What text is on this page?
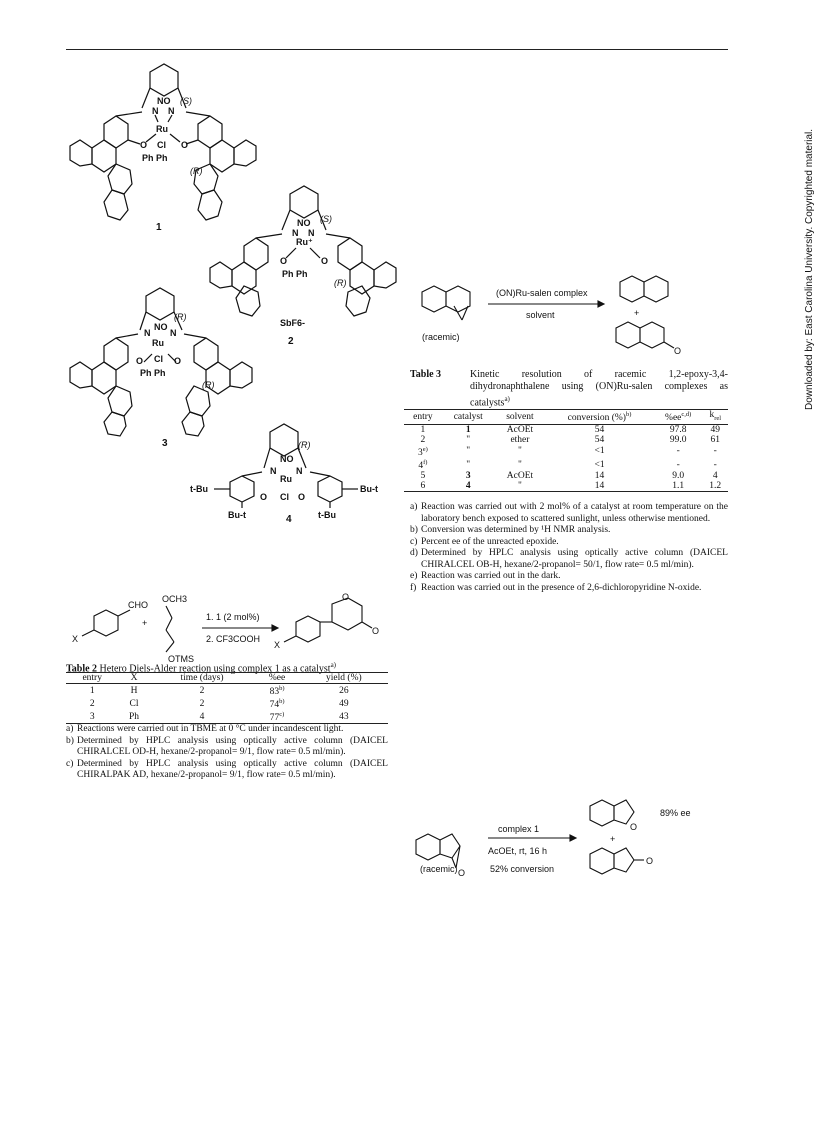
N N
NO
Ru
O	O
Cl
Ph Ph
(S)
(R)
1	N N
NO
Ru⁺
O	O
Ph Ph
(S)
(R)
SbF6-
2
N N
NO
Ru
O	O
Cl
Ph Ph
(R)
(R)
3
N N
NO
Ru
O	O
Cl
(R)
t-Bu	Bu-t
Bu-t	t-Bu
4
CHO
X
+
OCH3
OTMS
1. 1 (2 mol%)
2. CF3COOH
O
O
X
Table 2 Hetero Diels-Alder reaction using complex 1 as a catalyst$^{a)}$
entry	X	time (days)	%ee	yield (%)
1	H	2	83$^{b)}$	26
2	Cl	2	74$^{b)}$	49
3	Ph	4	77$^{c)}$	43
a) Reactions were carried out in TBME at 0 °C under incandescent light.
b) Determined by HPLC analysis using optically active column (DAICEL CHIRALCEL OD-H, hexane/2-propanol= 9/1, flow rate= 0.5 ml/min).
c) Determined by HPLC analysis using optically active column (DAICEL CHIRALPAK AD, hexane/2-propanol= 9/1, flow rate= 0.5 ml/min).
(ON)Ru-salen complex
solvent
(racemic)
+
O
Table 3	Kinetic resolution of racemic 1,2-epoxy-3,4-dihydronaphthalene using (ON)Ru-salen complexes as catalysts$^{a)}$
entry	catalyst	solvent	conversion (%)$^{b)}$	%ee$^{c,d)}$	$k_{rel}$
1	1	AcOEt	54	97.8	49
2	"	ether	54	99.0	61
3$^{e)}$	"	"	<1	-	-
4$^{f)}$	"	"	<1	-	-
5	3	AcOEt	14	9.0	4
6	4	"	14	1.1	1.2
a) Reaction was carried out with 2 mol% of a catalyst at room temperature on the laboratory bench exposed to scattered sunlight, unless otherwise mentioned.
b) Conversion was determined by ¹H NMR analysis.
c) Percent ee of the unreacted epoxide.
d) Determined by HPLC analysis using optically active column (DAICEL CHIRALCEL OB-H, hexane/2-propanol= 50/1, flow rate= 0.5 ml/min).
e) Reaction was carried out in the dark.
f) Reaction was carried out in the presence of 2,6-dichloropyridine N-oxide.
O
complex 1
AcOEt, rt, 16 h
(racemic)	52% conversion
89% ee
O
+
O
Downloaded by: East Carolina University. Copyrighted material.
